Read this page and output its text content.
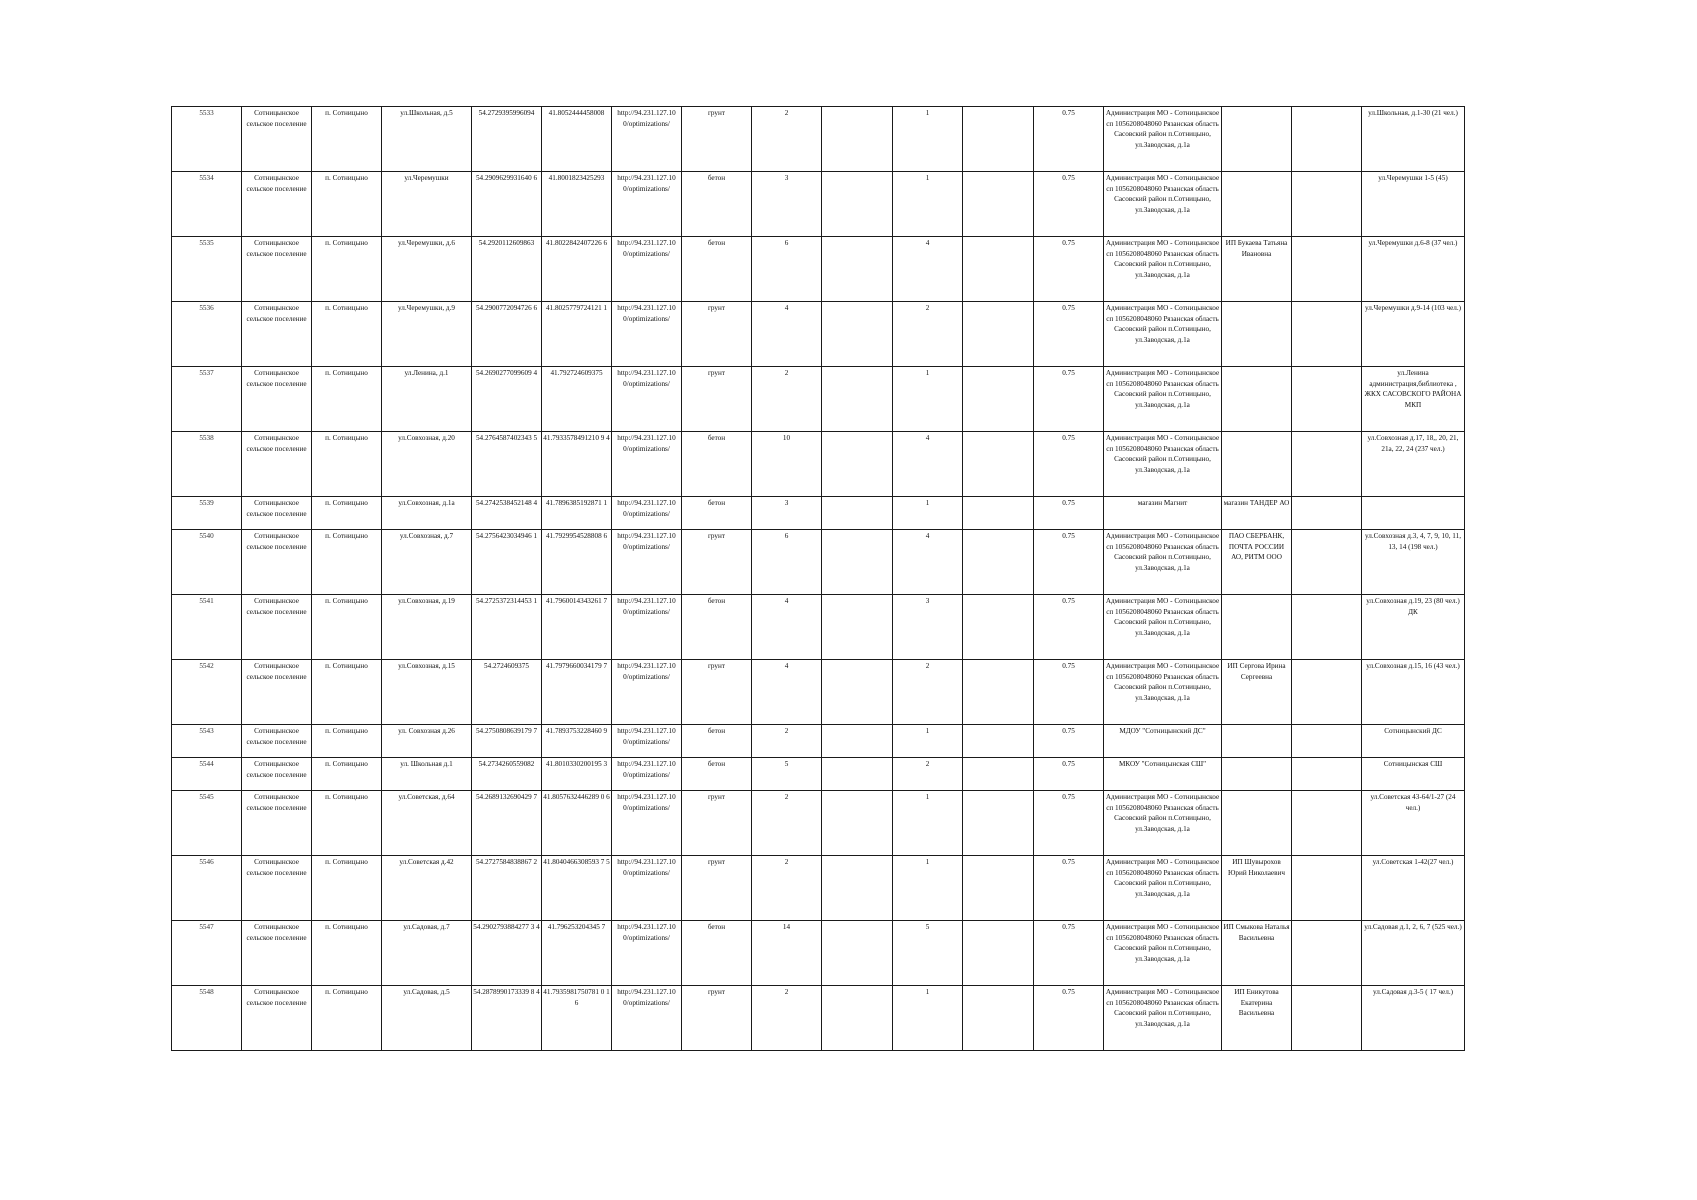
5533	Сотницынское сельское поселение	п. Сотницыно	ул.Школьная, д.5	54.2729395996094	41.8052444458008	http://94.231.127.10 0/optimizations/	грунт	2		1		0.75	Администрация МО - Сотницынское сп 1056208048060 Рязанская область Сасовский район п.Сотницыно, ул.Заводская, д.1а			ул.Школьная, д.1-30 (21 чел.)
5534	Сотницынское сельское поселение	п. Сотницыно	ул.Черемушки	54.2909629931640 6	41.8001823425293	http://94.231.127.10 0/optimizations/	бетон	3		1		0.75	Администрация МО - Сотницынское сп 1056208048060 Рязанская область Сасовский район п.Сотницыно, ул.Заводская, д.1а			ул.Черемушки 1-5 (45)
5535	Сотницынское сельское поселение	п. Сотницыно	ул.Черемушки, д.6	54.2920112609863	41.8022842407226 6	http://94.231.127.10 0/optimizations/	бетон	6		4		0.75	Администрация МО - Сотницынское сп 1056208048060 Рязанская область Сасовский район п.Сотницыно, ул.Заводская, д.1а	ИП Букаева Татьяна Ивановна		ул.Черемушки д.6-8 (37 чел.)
5536	Сотницынское сельское поселение	п. Сотницыно	ул.Черемушки, д.9	54.2900772094726 6	41.8025779724121 1	http://94.231.127.10 0/optimizations/	грунт	4		2		0.75	Администрация МО - Сотницынское сп 1056208048060 Рязанская область Сасовский район п.Сотницыно, ул.Заводская, д.1а			ул.Черемушки д.9-14 (103 чел.)
5537	Сотницынское сельское поселение	п. Сотницыно	ул.Ленина, д.1	54.2690277099609 4	41.792724609375	http://94.231.127.10 0/optimizations/	грунт	2		1		0.75	Администрация МО - Сотницынское сп 1056208048060 Рязанская область Сасовский район п.Сотницыно, ул.Заводская, д.1а			ул.Ленина администрация,библиотека , ЖКХ САСОВСКОГО РАЙОНА МКП
5538	Сотницынское сельское поселение	п. Сотницыно	ул.Совхозная, д.20	54.2764587402343 5	41.7933578491210 9 4	http://94.231.127.10 0/optimizations/	бетон	10		4		0.75	Администрация МО - Сотницынское сп 1056208048060 Рязанская область Сасовский район п.Сотницыно, ул.Заводская, д.1а			ул.Совхозная д.17, 18,, 20, 21, 21а, 22, 24 (237 чел.)
5539	Сотницынское сельское поселение	п. Сотницыно	ул.Совхозная, д.1а	54.2742538452148 4	41.7896385192871 1	http://94.231.127.10 0/optimizations/	бетон	3		1		0.75	магазин Магнит	магазин ТАНДЕР АО		
5540	Сотницынское сельское поселение	п. Сотницыно	ул.Совхозная, д.7	54.2756423034946 1	41.7929954528808 6	http://94.231.127.10 0/optimizations/	грунт	6		4		0.75	Администрация МО - Сотницынское сп 1056208048060 Рязанская область Сасовский район п.Сотницыно, ул.Заводская, д.1а	ПАО СБЕРБАНК, ПОЧТА РОССИИ АО, РИТМ ООО		ул.Совхозная д.3, 4, 7, 9, 10, 11, 13, 14 (198 чел.)
5541	Сотницынское сельское поселение	п. Сотницыно	ул.Совхозная, д.19	54.2725372314453 1	41.7960014343261 7	http://94.231.127.10 0/optimizations/	бетон	4		3		0.75	Администрация МО - Сотницынское сп 1056208048060 Рязанская область Сасовский район п.Сотницыно, ул.Заводская, д.1а			ул.Совхозная д.19, 23 (80 чел.) ДК
5542	Сотницынское сельское поселение	п. Сотницыно	ул.Совхозная, д.15	54.2724609375	41.7979660034179 7	http://94.231.127.10 0/optimizations/	грунт	4		2		0.75	Администрация МО - Сотницынское сп 1056208048060 Рязанская область Сасовский район п.Сотницыно, ул.Заводская, д.1а	ИП Сергова Ирина Сергеевна		ул.Совхозная д.15, 16 (43 чел.)
5543	Сотницынское сельское поселение	п. Сотницыно	ул. Совхозная д.26	54.2750808639179 7	41.7893753228460 9	http://94.231.127.10 0/optimizations/	бетон	2		1		0.75	МДОУ "Сотницынский ДС"			Сотницынский ДС
5544	Сотницынское сельское поселение	п. Сотницыно	ул. Школьная д.1	54.2734260559082	41.8010330200195 3	http://94.231.127.10 0/optimizations/	бетон	5		2		0.75	МКОУ "Сотницынская СШ"			Сотницынская СШ
5545	Сотницынское сельское поселение	п. Сотницыно	ул.Советская, д.64	54.2689132690429 7	41.8057632446289 0 6	http://94.231.127.10 0/optimizations/	грунт	2		1		0.75	Администрация МО - Сотницынское сп 1056208048060 Рязанская область Сасовский район п.Сотницыно, ул.Заводская, д.1а			ул.Советская 43-64/1-27 (24 чел.)
5546	Сотницынское сельское поселение	п. Сотницыно	ул.Советская д.42	54.2727584838867 2	41.8040466308593 7 5	http://94.231.127.10 0/optimizations/	грунт	2		1		0.75	Администрация МО - Сотницынское сп 1056208048060 Рязанская область Сасовский район п.Сотницыно, ул.Заводская, д.1а	ИП Шувырохов Юрий Николаевич		ул.Советская 1-42(27 чел.)
5547	Сотницынское сельское поселение	п. Сотницыно	ул.Садовая, д.7	54.2902793884277 3 4	41.796253204345 7	http://94.231.127.10 0/optimizations/	бетон	14		5		0.75	Администрация МО - Сотницынское сп 1056208048060 Рязанская область Сасовский район п.Сотницыно, ул.Заводская, д.1а	ИП Смыкова Наталья Васильевна		ул.Садовая д.1, 2, 6, 7 (525 чел.)
5548	Сотницынское сельское поселение	п. Сотницыно	ул.Садовая, д.5	54.2878990173339 8 4	41.7935981750781 0 1 6	http://94.231.127.10 0/optimizations/	грунт	2		1		0.75	Администрация МО - Сотницынское сп 1056208048060 Рязанская область Сасовский район п.Сотницыно, ул.Заводская, д.1а	ИП Еникутова Екатерина Васильевна		ул.Садовая д.3-5 ( 17 чел.)
